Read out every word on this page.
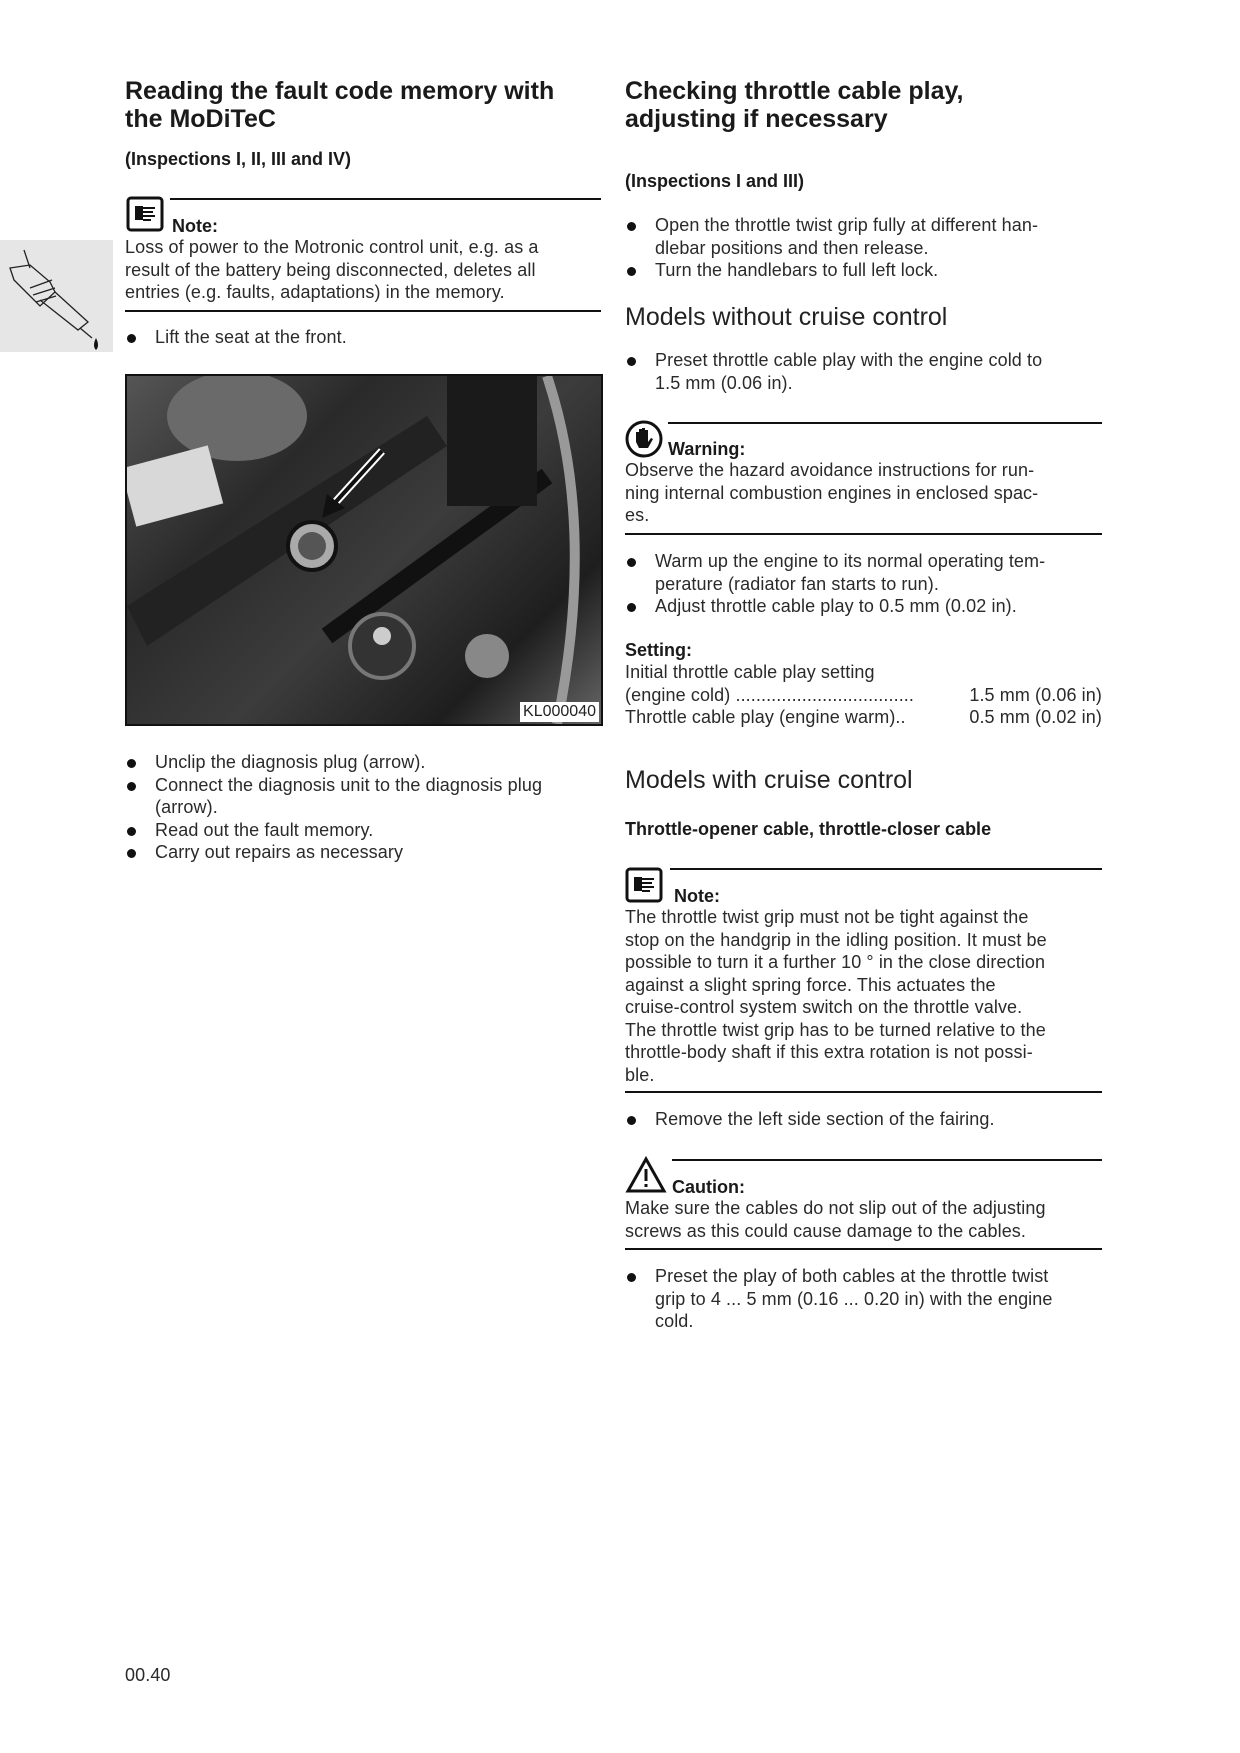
Reading the fault code memory with
the MoDiTeC
(Inspections I, II, III and IV)
Note:
Loss of power to the Motronic control unit, e.g. as a
result of the battery being disconnected, deletes all
entries (e.g. faults, adaptations) in the memory.
Lift the seat at the front.
KL000040
Unclip the diagnosis plug (arrow).
Connect the diagnosis unit to the diagnosis plug
(arrow).
Read out the fault memory.
Carry out repairs as necessary
00.40
Checking throttle cable play,
adjusting if necessary
(Inspections I and III)
Open the throttle twist grip fully at different han-
dlebar positions and then release.
Turn the handlebars to full left lock.
Models without cruise control
Preset throttle cable play with the engine cold to
1.5 mm (0.06 in).
Warning:
Observe the hazard avoidance instructions for run-
ning internal combustion engines in enclosed spac-
es.
Warm up the engine to its normal operating tem-
perature (radiator fan starts to run).
Adjust throttle cable play to 0.5 mm (0.02 in).
Setting:
Initial throttle cable play setting
(engine cold) ...................................	1.5 mm (0.06 in)
Throttle cable play (engine warm)..	0.5 mm (0.02 in)
Models with cruise control
Throttle-opener cable, throttle-closer cable
Note:
The throttle twist grip must not be tight against the
stop on the handgrip in the idling position. It must be
possible to turn it a further 10 ° in the close direction
against a slight spring force. This actuates the
cruise-control system switch on the throttle valve.
The throttle twist grip has to be turned relative to the
throttle-body shaft if this extra rotation is not possi-
ble.
Remove the left side section of the fairing.
Caution:
Make sure the cables do not slip out of the adjusting
screws as this could cause damage to the cables.
Preset the play of both cables at the throttle twist
grip to 4 ... 5 mm (0.16 ... 0.20 in) with the engine
cold.
